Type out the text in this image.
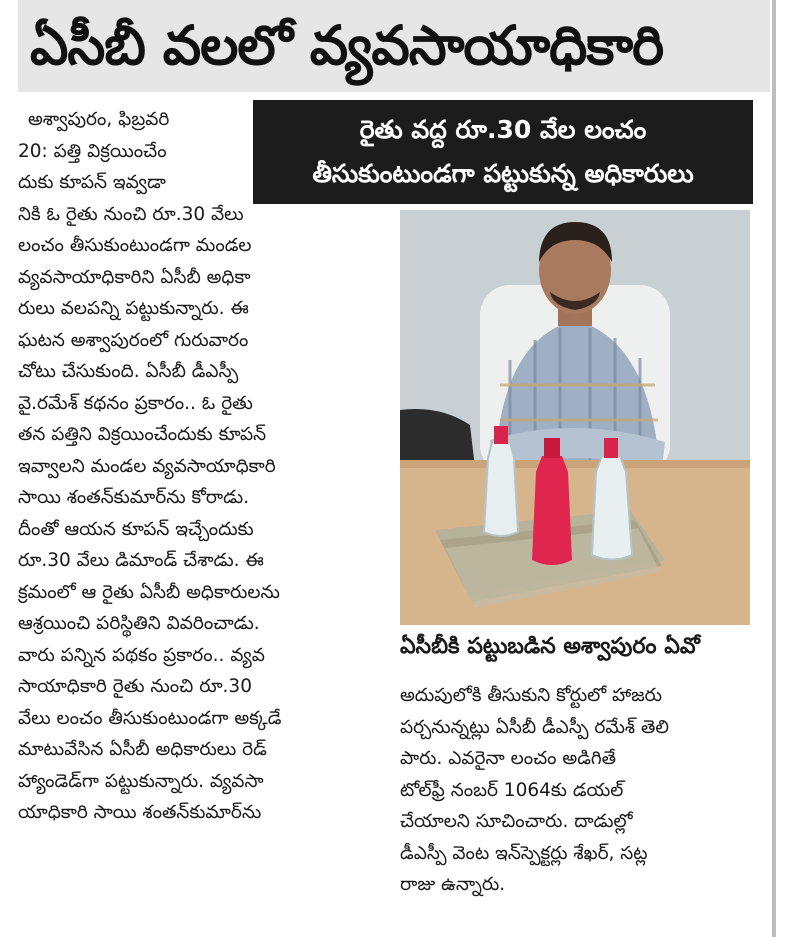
ఏసీబీ వలలో వ్యవసాయాధికారి
అశ్వాపురం, ఫిబ్రవరి
20: పత్తి విక్రయించేం
దుకు కూపన్ ఇవ్వడా
నికి ఓ రైతు నుంచి రూ.30 వేలు
లంచం తీసుకుంటుండగా మండల
వ్యవసాయాధికారిని ఏసీబీ అధికా
రులు వలపన్ని పట్టుకున్నారు. ఈ
ఘటన అశ్వాపురంలో గురువారం
చోటు చేసుకుంది. ఏసీబీ డీఎస్పీ
వై.రమేశ్ కథనం ప్రకారం.. ఓ రైతు
తన పత్తిని విక్రయించేందుకు కూపన్
ఇవ్వాలని మండల వ్యవసాయాధికారి
సాయి శంతన్‌కుమార్‌ను కోరాడు.
దీంతో ఆయన కూపన్ ఇచ్చేందుకు
రూ.30 వేలు డిమాండ్ చేశాడు. ఈ
క్రమంలో ఆ రైతు ఏసీబీ అధికారులను
ఆశ్రయించి పరిస్థితిని వివరించాడు.
వారు పన్నిన పథకం ప్రకారం.. వ్యవ
సాయాధికారి రైతు నుంచి రూ.30
వేలు లంచం తీసుకుంటుండగా అక్కడే
మాటువేసిన ఏసీబీ అధికారులు రెడ్
హ్యాండెడ్‌గా పట్టుకున్నారు. వ్యవసా
యాధికారి సాయి శంతన్‌కుమార్‌ను
రైతు వద్ద రూ.30 వేల లంచం
తీసుకుంటుండగా పట్టుకున్న అధికారులు
ఏసీబీకి పట్టుబడిన అశ్వాపురం ఏవో
అదుపులోకి తీసుకుని కోర్టులో హాజరు
పర్చనున్నట్లు ఏసీబీ డీఎస్పీ రమేశ్ తెలి
పారు. ఎవరైనా లంచం అడిగితే
టోల్‌ఫ్రీ నంబర్ 1064కు డయల్
చేయాలని సూచించారు. దాడుల్లో
డీఎస్పీ వెంట ఇన్‌స్పెక్టర్లు శేఖర్, సట్ల
రాజు ఉన్నారు.
